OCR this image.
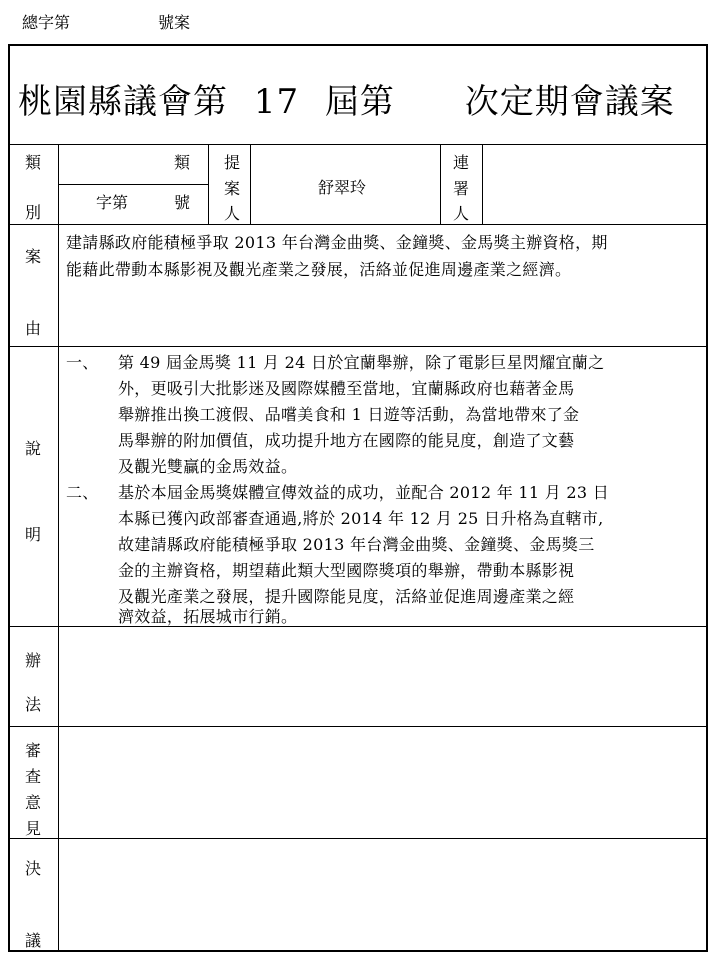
總字第	號案
桃園縣議會第 17 屆第 次定期會議案
類
別
類
字第	號
提
案
人
舒翠玲
連
署
人
案
由
建請縣政府能積極爭取 2013 年台灣金曲獎、金鐘獎、金馬獎主辦資格，期
能藉此帶動本縣影視及觀光產業之發展，活絡並促進周邊產業之經濟。
說
明
一、 第 49 屆金馬獎 11 月 24 日於宜蘭舉辦，除了電影巨星閃耀宜蘭之
外，更吸引大批影迷及國際媒體至當地，宜蘭縣政府也藉著金馬
舉辦推出換工渡假、品嚐美食和 1 日遊等活動，為當地帶來了金
馬舉辦的附加價值，成功提升地方在國際的能見度，創造了文藝
及觀光雙贏的金馬效益。
二、 基於本屆金馬獎媒體宣傳效益的成功，並配合 2012 年 11 月 23 日
本縣已獲內政部審查通過,將於 2014 年 12 月 25 日升格為直轄市,
故建請縣政府能積極爭取 2013 年台灣金曲獎、金鐘獎、金馬獎三
金的主辦資格，期望藉此類大型國際獎項的舉辦，帶動本縣影視
及觀光產業之發展，提升國際能見度，活絡並促進周邊產業之經
濟效益，拓展城市行銷。
辦
法
審
查
意
見
決
議
